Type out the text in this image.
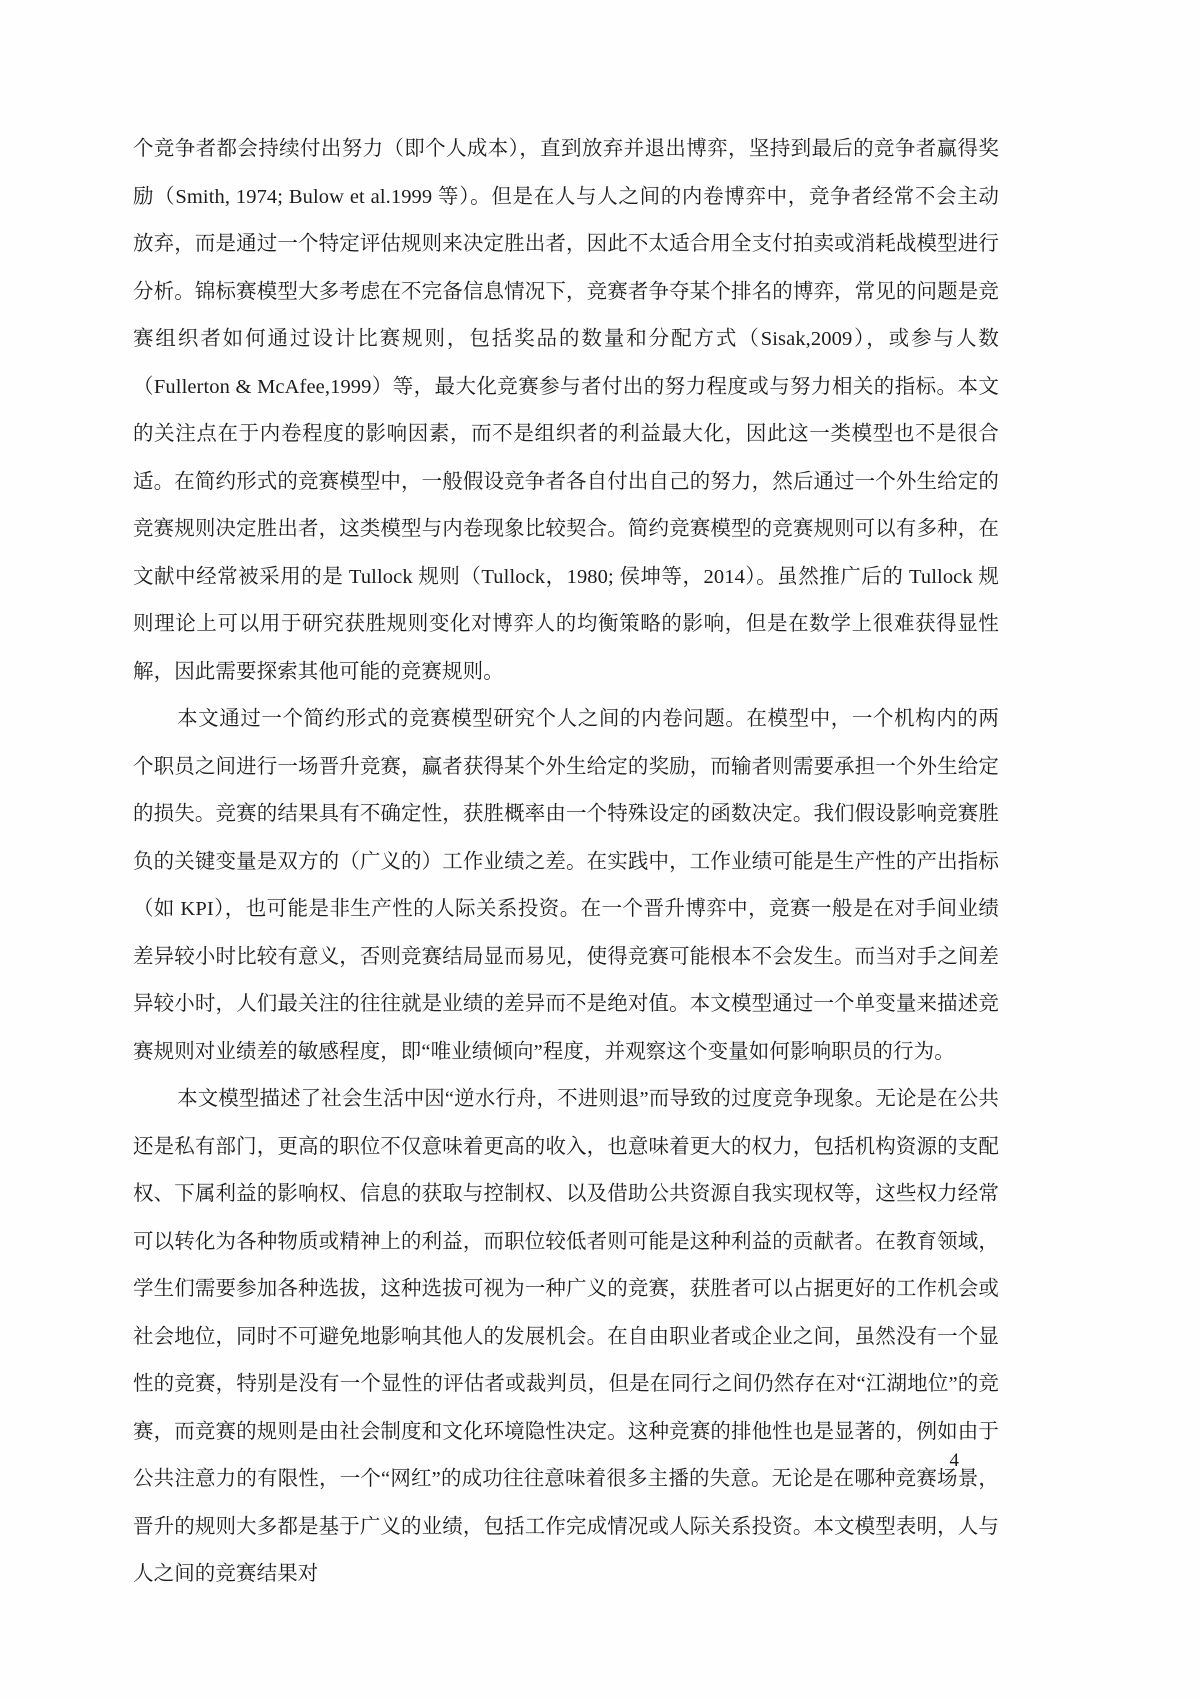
个竞争者都会持续付出努力（即个人成本），直到放弃并退出博弈，坚持到最后的竞争者赢得奖励（Smith, 1974; Bulow et al.1999 等）。但是在人与人之间的内卷博弈中，竞争者经常不会主动放弃，而是通过一个特定评估规则来决定胜出者，因此不太适合用全支付拍卖或消耗战模型进行分析。锦标赛模型大多考虑在不完备信息情况下，竞赛者争夺某个排名的博弈，常见的问题是竞赛组织者如何通过设计比赛规则，包括奖品的数量和分配方式（Sisak,2009），或参与人数（Fullerton & McAfee,1999）等，最大化竞赛参与者付出的努力程度或与努力相关的指标。本文的关注点在于内卷程度的影响因素，而不是组织者的利益最大化，因此这一类模型也不是很合适。在简约形式的竞赛模型中，一般假设竞争者各自付出自己的努力，然后通过一个外生给定的竞赛规则决定胜出者，这类模型与内卷现象比较契合。简约竞赛模型的竞赛规则可以有多种，在文献中经常被采用的是 Tullock 规则（Tullock，1980; 侯坤等，2014）。虽然推广后的 Tullock 规则理论上可以用于研究获胜规则变化对博弈人的均衡策略的影响，但是在数学上很难获得显性解，因此需要探索其他可能的竞赛规则。

本文通过一个简约形式的竞赛模型研究个人之间的内卷问题。在模型中，一个机构内的两个职员之间进行一场晋升竞赛，赢者获得某个外生给定的奖励，而输者则需要承担一个外生给定的损失。竞赛的结果具有不确定性，获胜概率由一个特殊设定的函数决定。我们假设影响竞赛胜负的关键变量是双方的（广义的）工作业绩之差。在实践中，工作业绩可能是生产性的产出指标（如 KPI），也可能是非生产性的人际关系投资。在一个晋升博弈中，竞赛一般是在对手间业绩差异较小时比较有意义，否则竞赛结局显而易见，使得竞赛可能根本不会发生。而当对手之间差异较小时，人们最关注的往往就是业绩的差异而不是绝对值。本文模型通过一个单变量来描述竞赛规则对业绩差的敏感程度，即“唯业绩倾向”程度，并观察这个变量如何影响职员的行为。

本文模型描述了社会生活中因“逆水行舟，不进则退”而导致的过度竞争现象。无论是在公共还是私有部门，更高的职位不仅意味着更高的收入，也意味着更大的权力，包括机构资源的支配权、下属利益的影响权、信息的获取与控制权、以及借助公共资源自我实现权等，这些权力经常可以转化为各种物质或精神上的利益，而职位较低者则可能是这种利益的贡献者。在教育领域，学生们需要参加各种选拔，这种选拔可视为一种广义的竞赛，获胜者可以占据更好的工作机会或社会地位，同时不可避免地影响其他人的发展机会。在自由职业者或企业之间，虽然没有一个显性的竞赛，特别是没有一个显性的评估者或裁判员，但是在同行之间仍然存在对“江湖地位”的竞赛，而竞赛的规则是由社会制度和文化环境隐性决定。这种竞赛的排他性也是显著的，例如由于公共注意力的有限性，一个“网红”的成功往往意味着很多主播的失意。无论是在哪种竞赛场景，晋升的规则大多都是基于广义的业绩，包括工作完成情况或人际关系投资。本文模型表明，人与人之间的竞赛结果对

4
